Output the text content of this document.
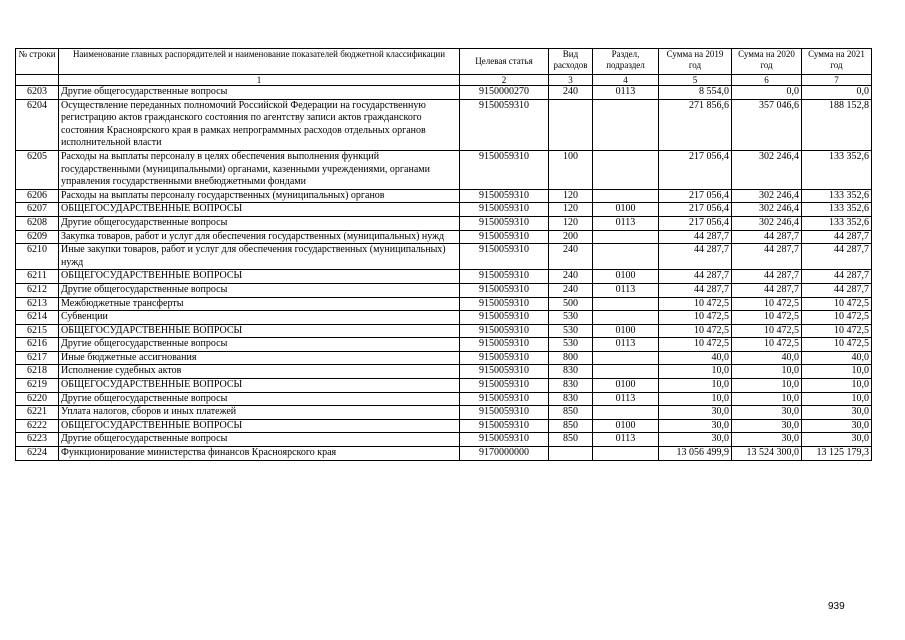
№ строки	Наименование главных распорядителей и наименование показателей бюджетной классификации	Целевая статья	Вид расходов	Раздел, подраздел	Сумма на 2019 год	Сумма на 2020 год	Сумма на 2021 год
	1	2	3	4	5	6	7
6203	Другие общегосударственные вопросы	9150000270	240	0113	8 554,0	0,0	0,0
6204	Осуществление переданных полномочий Российской Федерации на государственную регистрацию актов гражданского состояния по агентству записи актов гражданского состояния Красноярского края в рамках непрограммных расходов отдельных органов исполнительной власти	9150059310			271 856,6	357 046,6	188 152,8
6205	Расходы на выплаты персоналу в целях обеспечения выполнения функций государственными (муниципальными) органами, казенными учреждениями, органами управления государственными внебюджетными фондами	9150059310	100		217 056,4	302 246,4	133 352,6
6206	Расходы на выплаты персоналу государственных (муниципальных) органов	9150059310	120		217 056,4	302 246,4	133 352,6
6207	ОБЩЕГОСУДАРСТВЕННЫЕ ВОПРОСЫ	9150059310	120	0100	217 056,4	302 246,4	133 352,6
6208	Другие общегосударственные вопросы	9150059310	120	0113	217 056,4	302 246,4	133 352,6
6209	Закупка товаров, работ и услуг для обеспечения государственных (муниципальных) нужд	9150059310	200		44 287,7	44 287,7	44 287,7
6210	Иные закупки товаров, работ и услуг для обеспечения государственных (муниципальных) нужд	9150059310	240		44 287,7	44 287,7	44 287,7
6211	ОБЩЕГОСУДАРСТВЕННЫЕ ВОПРОСЫ	9150059310	240	0100	44 287,7	44 287,7	44 287,7
6212	Другие общегосударственные вопросы	9150059310	240	0113	44 287,7	44 287,7	44 287,7
6213	Межбюджетные трансферты	9150059310	500		10 472,5	10 472,5	10 472,5
6214	Субвенции	9150059310	530		10 472,5	10 472,5	10 472,5
6215	ОБЩЕГОСУДАРСТВЕННЫЕ ВОПРОСЫ	9150059310	530	0100	10 472,5	10 472,5	10 472,5
6216	Другие общегосударственные вопросы	9150059310	530	0113	10 472,5	10 472,5	10 472,5
6217	Иные бюджетные ассигнования	9150059310	800		40,0	40,0	40,0
6218	Исполнение судебных актов	9150059310	830		10,0	10,0	10,0
6219	ОБЩЕГОСУДАРСТВЕННЫЕ ВОПРОСЫ	9150059310	830	0100	10,0	10,0	10,0
6220	Другие общегосударственные вопросы	9150059310	830	0113	10,0	10,0	10,0
6221	Уплата налогов, сборов и иных платежей	9150059310	850		30,0	30,0	30,0
6222	ОБЩЕГОСУДАРСТВЕННЫЕ ВОПРОСЫ	9150059310	850	0100	30,0	30,0	30,0
6223	Другие общегосударственные вопросы	9150059310	850	0113	30,0	30,0	30,0
6224	Функционирование министерства финансов Красноярского края	9170000000			13 056 499,9	13 524 300,0	13 125 179,3
939
